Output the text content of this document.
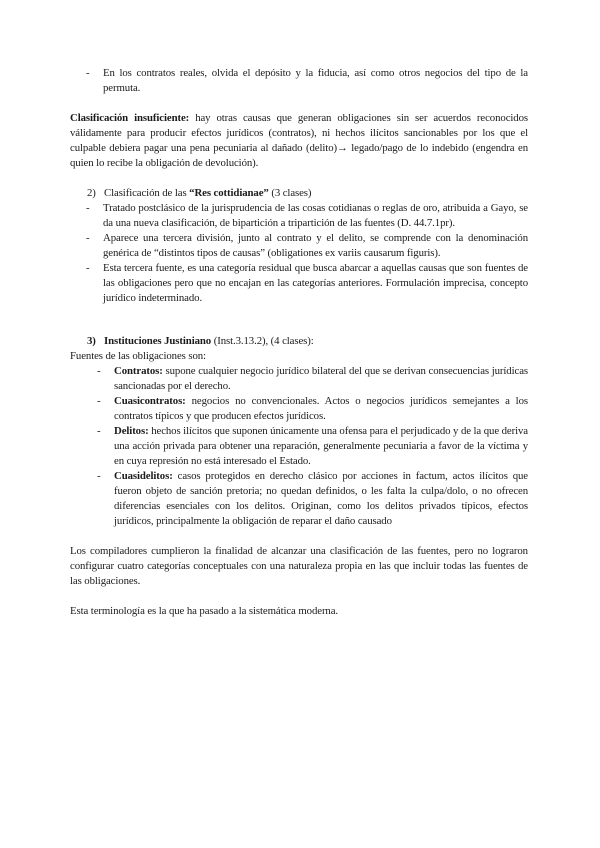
-	En los contratos reales, olvida el depósito y la fiducia, así como otros negocios del tipo de la permuta.

Clasificación insuficiente: hay otras causas que generan obligaciones sin ser acuerdos reconocidos válidamente para producir efectos jurídicos (contratos), ni hechos ilícitos sancionables por los que el culpable debiera pagar una pena pecuniaria al dañado (delito)→ legado/pago de lo indebido (engendra en quien lo recibe la obligación de devolución).

2) Clasificación de las “Res cottidianae” (3 clases)
-	Tratado postclásico de la jurisprudencia de las cosas cotidianas o reglas de oro, atribuida a Gayo, se da una nueva clasificación, de bipartición a tripartición de las fuentes (D. 44.7.1pr).
-	Aparece una tercera división, junto al contrato y el delito, se comprende con la denominación genérica de “distintos tipos de causas” (obligationes ex variis causarum figuris).
-	Esta tercera fuente, es una categoría residual que busca abarcar a aquellas causas que son fuentes de las obligaciones pero que no encajan en las categorías anteriores. Formulación imprecisa, concepto jurídico indeterminado.
3) Instituciones Justiniano (Inst.3.13.2), (4 clases):

Fuentes de las obligaciones son:

-	Contratos: supone cualquier negocio jurídico bilateral del que se derivan consecuencias jurídicas sancionadas por el derecho.
-	Cuasicontratos: negocios no convencionales. Actos o negocios jurídicos semejantes a los contratos típicos y que producen efectos jurídicos.
-	Delitos: hechos ilícitos que suponen únicamente una ofensa para el perjudicado y de la que deriva una acción privada para obtener una reparación, generalmente pecuniaria a favor de la víctima y en cuya represión no está interesado el Estado.
-	Cuasidelitos: casos protegidos en derecho clásico por acciones in factum, actos ilícitos que fueron objeto de sanción pretoria; no quedan definidos, o les falta la culpa/dolo, o no ofrecen diferencias esenciales con los delitos. Originan, como los delitos privados típicos, efectos jurídicos, principalmente la obligación de reparar el daño causado

Los compiladores cumplieron la finalidad de alcanzar una clasificación de las fuentes, pero no lograron configurar cuatro categorías conceptuales con una naturaleza propia en las que incluir todas las fuentes de las obligaciones.

Esta terminología es la que ha pasado a la sistemática moderna.
